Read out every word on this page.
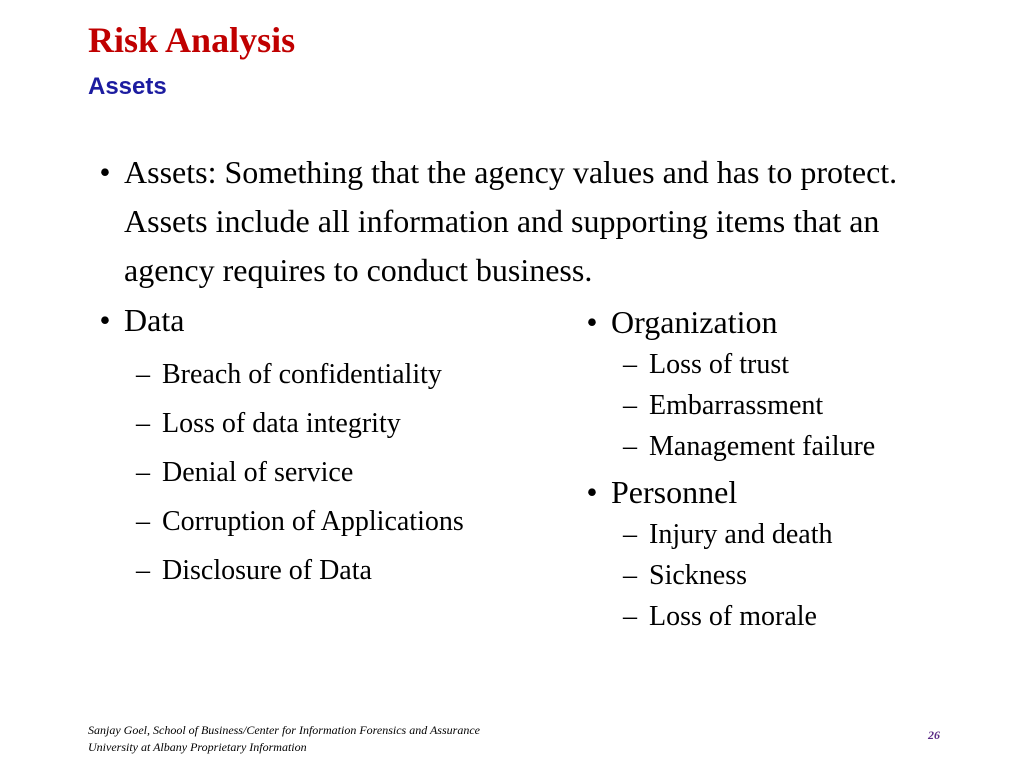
Risk Analysis
Assets
• Assets: Something that the agency values and has to protect. Assets include all information and supporting items that an agency requires to conduct business.

• Data

– Breach of confidentiality
– Loss of data integrity
– Denial of service
– Corruption of Applications
– Disclosure of Data
• Organization

– Loss of trust
– Embarrassment
– Management failure
• Personnel

– Injury and death
– Sickness
– Loss of morale

Sanjay Goel, School of Business/Center for Information Forensics and Assurance
University at Albany Proprietary Information

26
